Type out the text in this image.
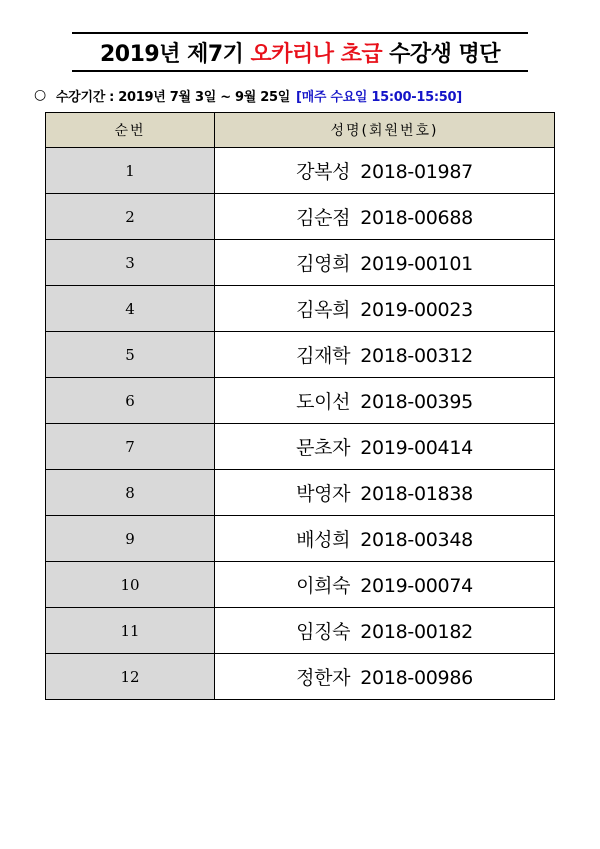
2019년 제7기 오카리나 초급 수강생 명단
○ 수강기간 : 2019년 7월 3일 ~ 9월 25일 [매주 수요일 15:00-15:50]
순번	성명(회원번호)
1	강복성 2018-01987
2	김순점 2018-00688
3	김영희 2019-00101
4	김옥희 2019-00023
5	김재학 2018-00312
6	도이선 2018-00395
7	문초자 2019-00414
8	박영자 2018-01838
9	배성희 2018-00348
10	이희숙 2019-00074
11	임징숙 2018-00182
12	정한자 2018-00986
